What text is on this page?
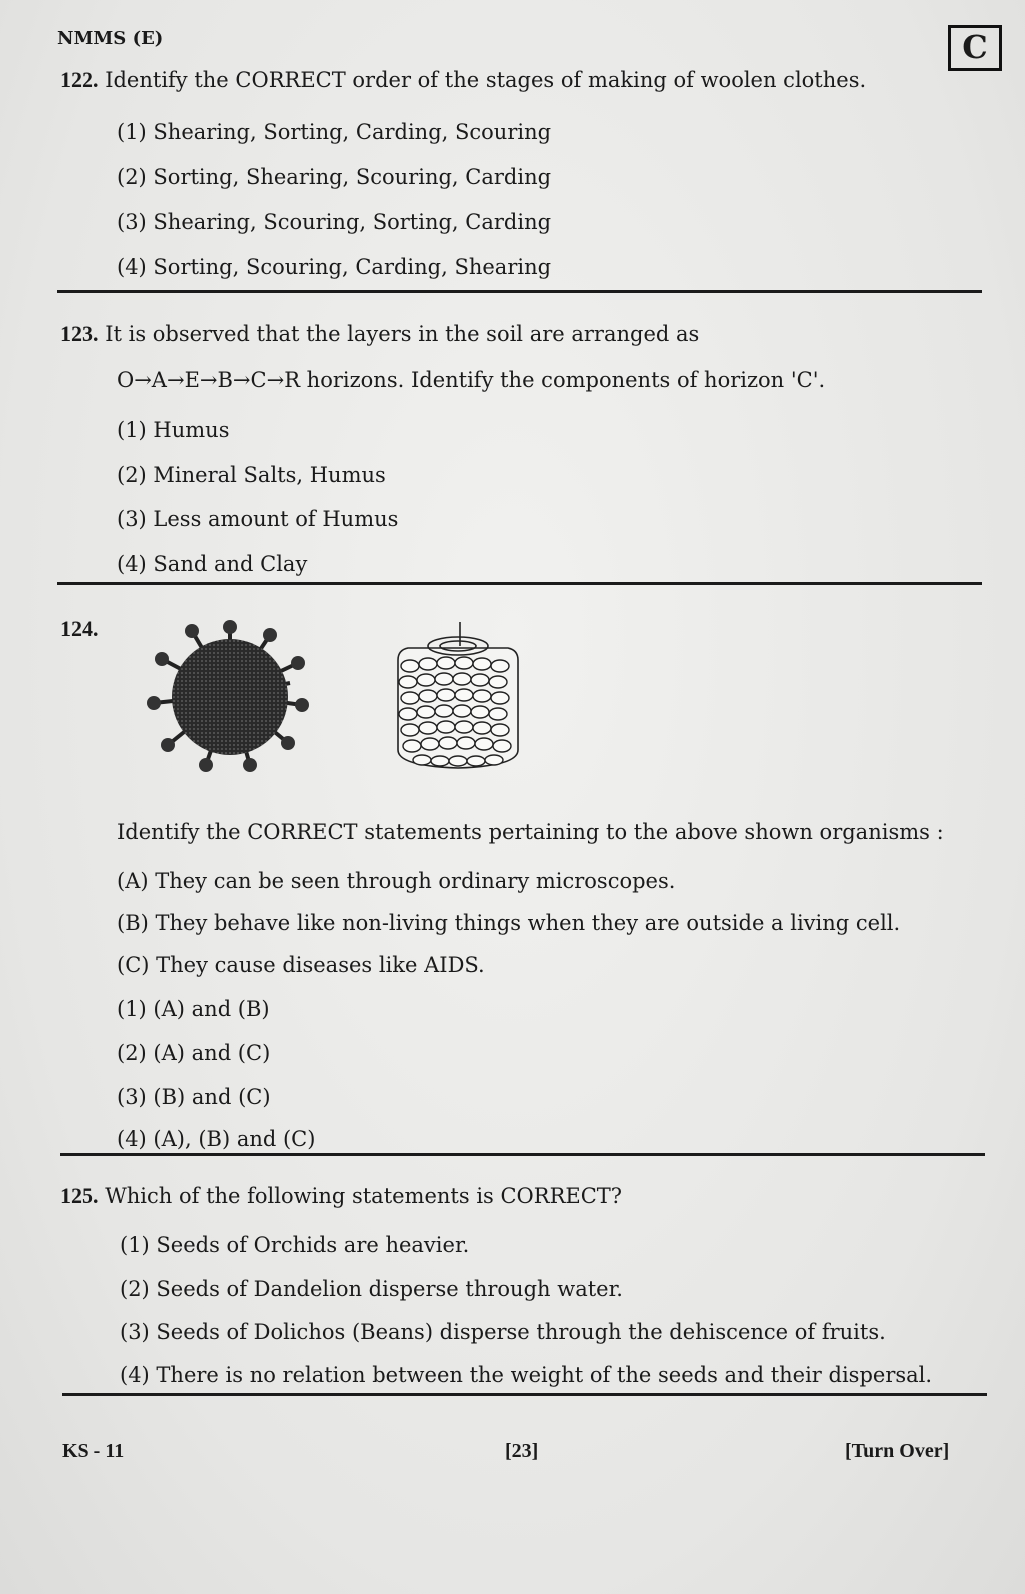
NMMS (E)	C
122. Identify the CORRECT order of the stages of making of woolen clothes.
(1) Shearing, Sorting, Carding, Scouring
(2) Sorting, Shearing, Scouring, Carding
(3) Shearing, Scouring, Sorting, Carding
(4) Sorting, Scouring, Carding, Shearing
123. It is observed that the layers in the soil are arranged as
O→A→E→B→C→R horizons. Identify the components of horizon 'C'.
(1) Humus
(2) Mineral Salts, Humus
(3) Less amount of Humus
(4) Sand and Clay
124.
Identify the CORRECT statements pertaining to the above shown organisms :
(A) They can be seen through ordinary microscopes.
(B) They behave like non-living things when they are outside a living cell.
(C) They cause diseases like AIDS.
(1) (A) and (B)
(2) (A) and (C)
(3) (B) and (C)
(4) (A), (B) and (C)
125. Which of the following statements is CORRECT?
(1) Seeds of Orchids are heavier.
(2) Seeds of Dandelion disperse through water.
(3) Seeds of Dolichos (Beans) disperse through the dehiscence of fruits.
(4) There is no relation between the weight of the seeds and their dispersal.
KS - 11	[23]	[Turn Over]
